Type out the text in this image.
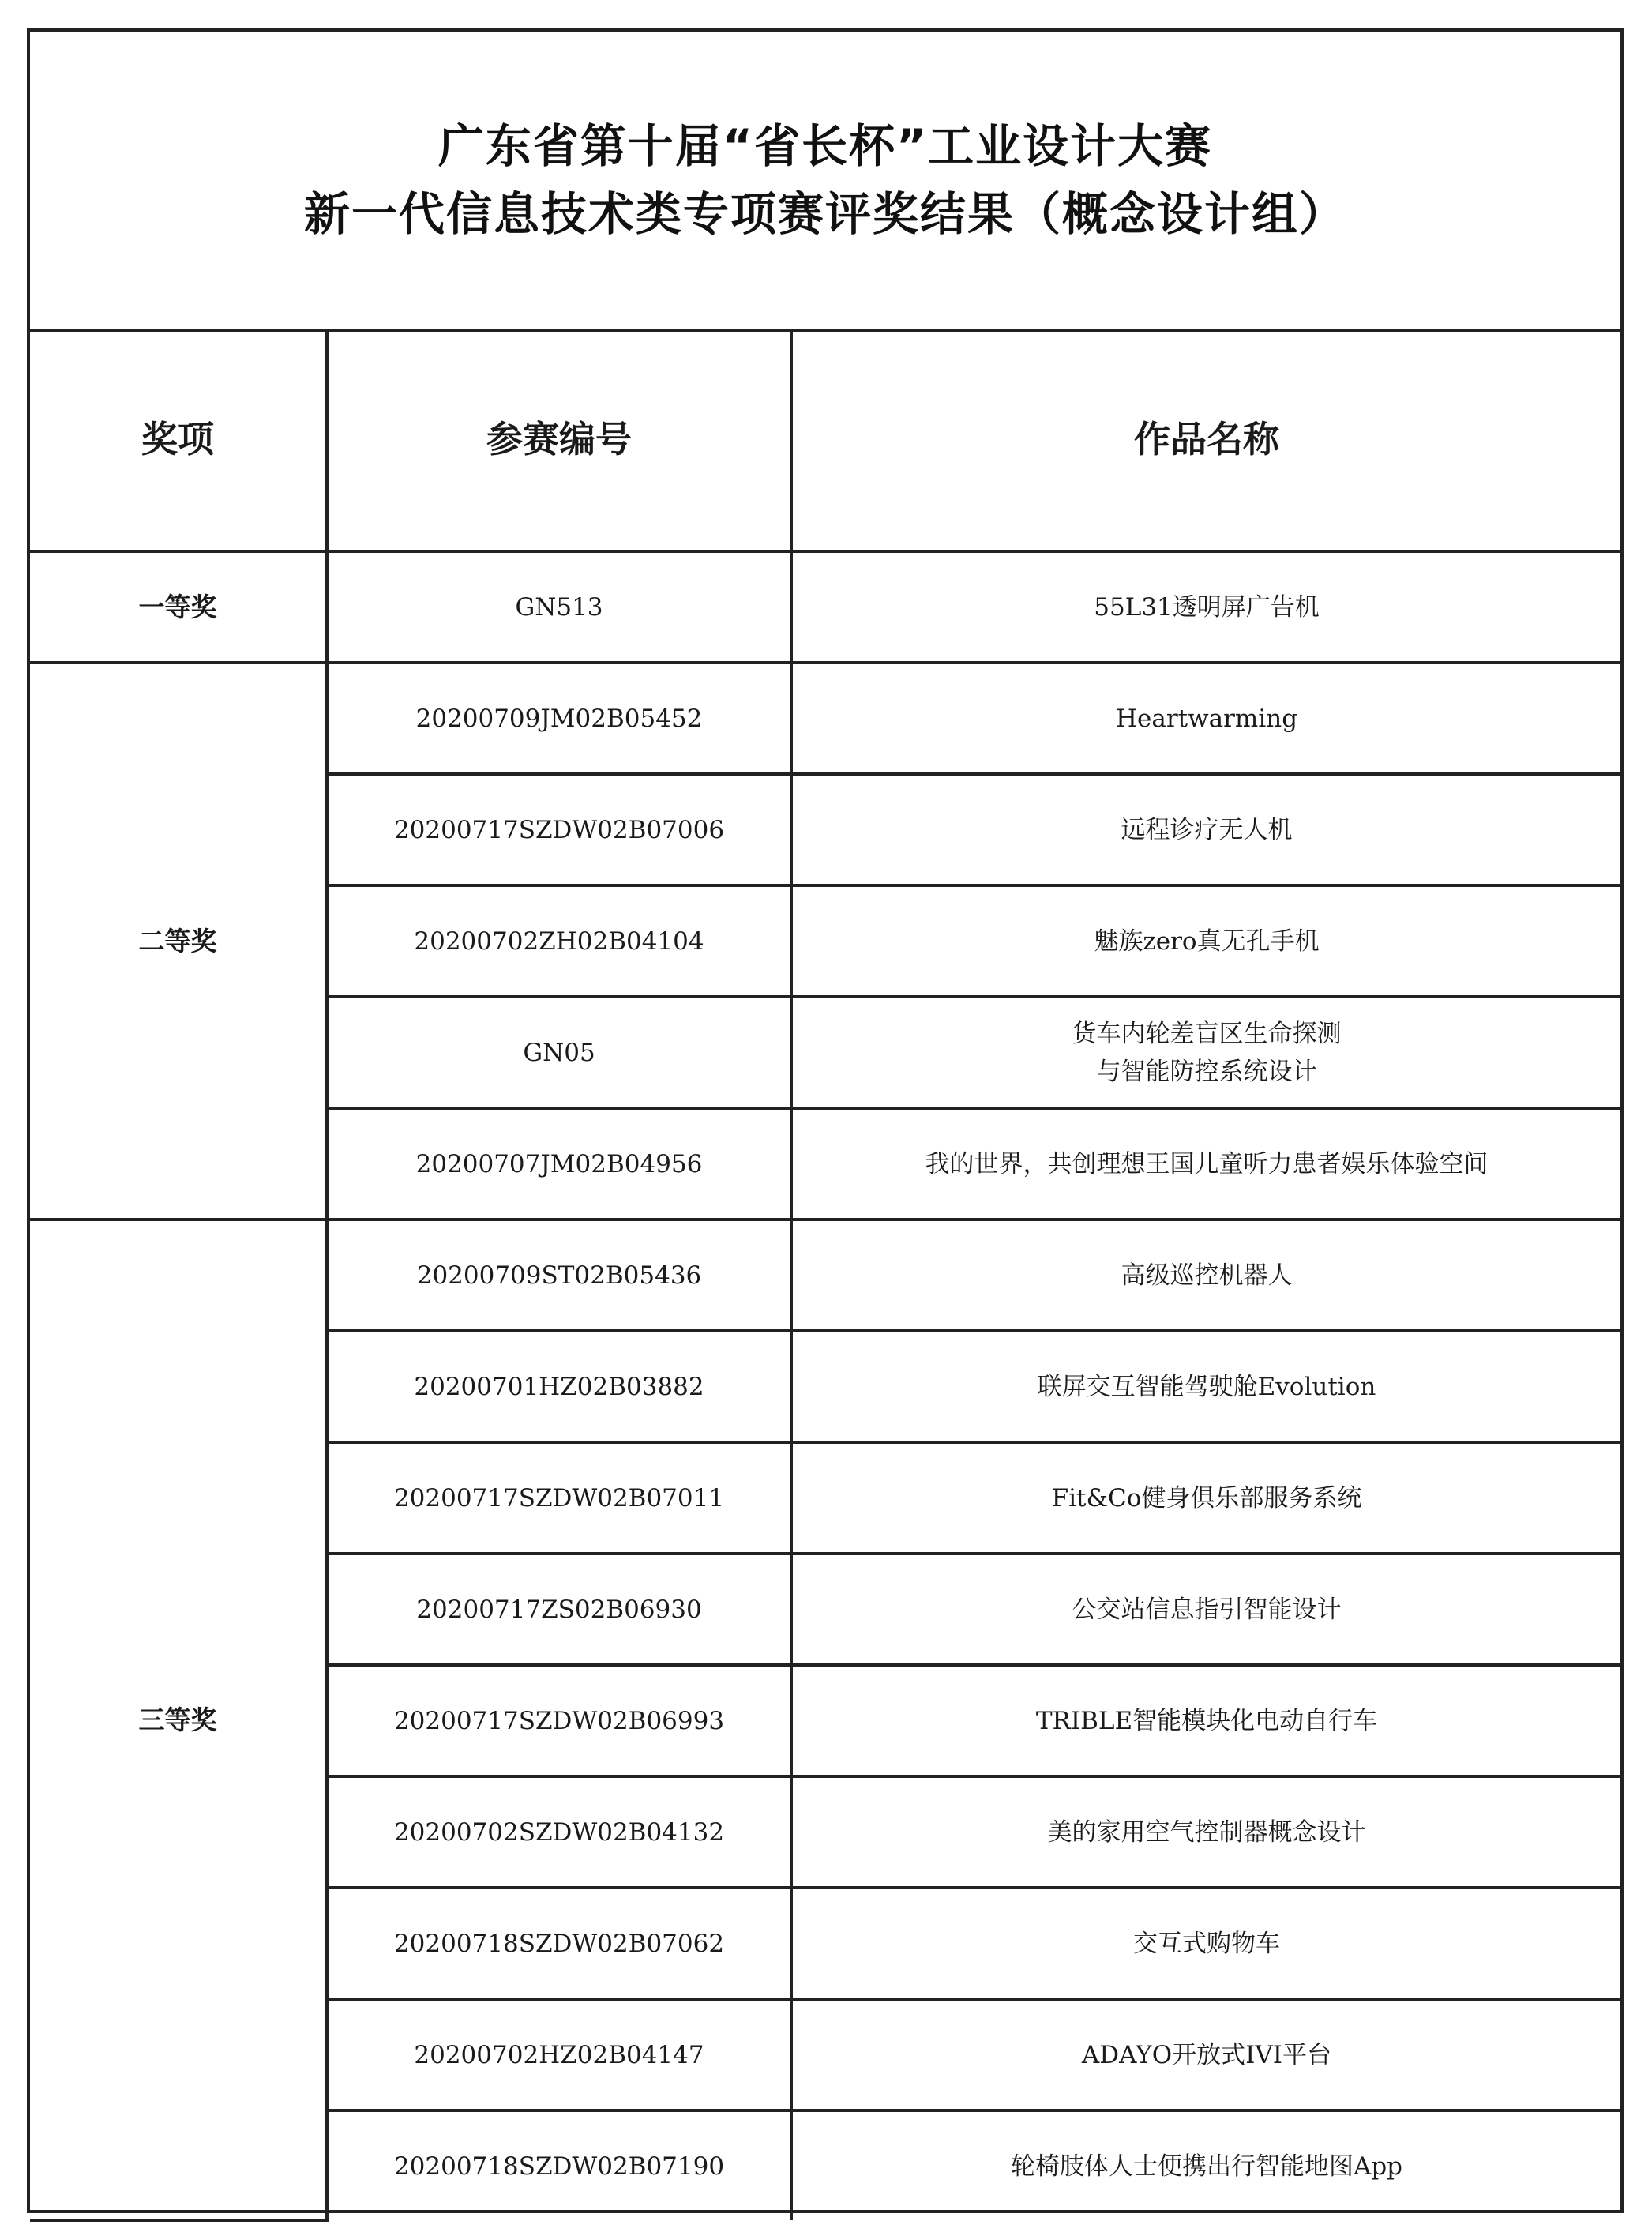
广东省第十届“省长杯”工业设计大赛
新一代信息技术类专项赛评奖结果（概念设计组）
奖项	参赛编号	作品名称
一等奖	GN513	55L31透明屏广告机

二等奖	20200709JM02B05452	Heartwarming

	20200717SZDW02B07006	远程诊疗无人机

	20200702ZH02B04104	魅族zero真无孔手机

	GN05	货车内轮差盲区生命探测
与智能防控系统设计

	20200707JM02B04956	我的世界，共创理想王国儿童听力患者娱乐体验空间

三等奖	20200709ST02B05436	高级巡控机器人

	20200701HZ02B03882	联屏交互智能驾驶舱Evolution

	20200717SZDW02B07011	Fit&Co健身俱乐部服务系统

	20200717ZS02B06930	公交站信息指引智能设计

	20200717SZDW02B06993	TRIBLE智能模块化电动自行车

	20200702SZDW02B04132	美的家用空气控制器概念设计

	20200718SZDW02B07062	交互式购物车

	20200702HZ02B04147	ADAYO开放式IVI平台

	20200718SZDW02B07190	轮椅肢体人士便携出行智能地图App
